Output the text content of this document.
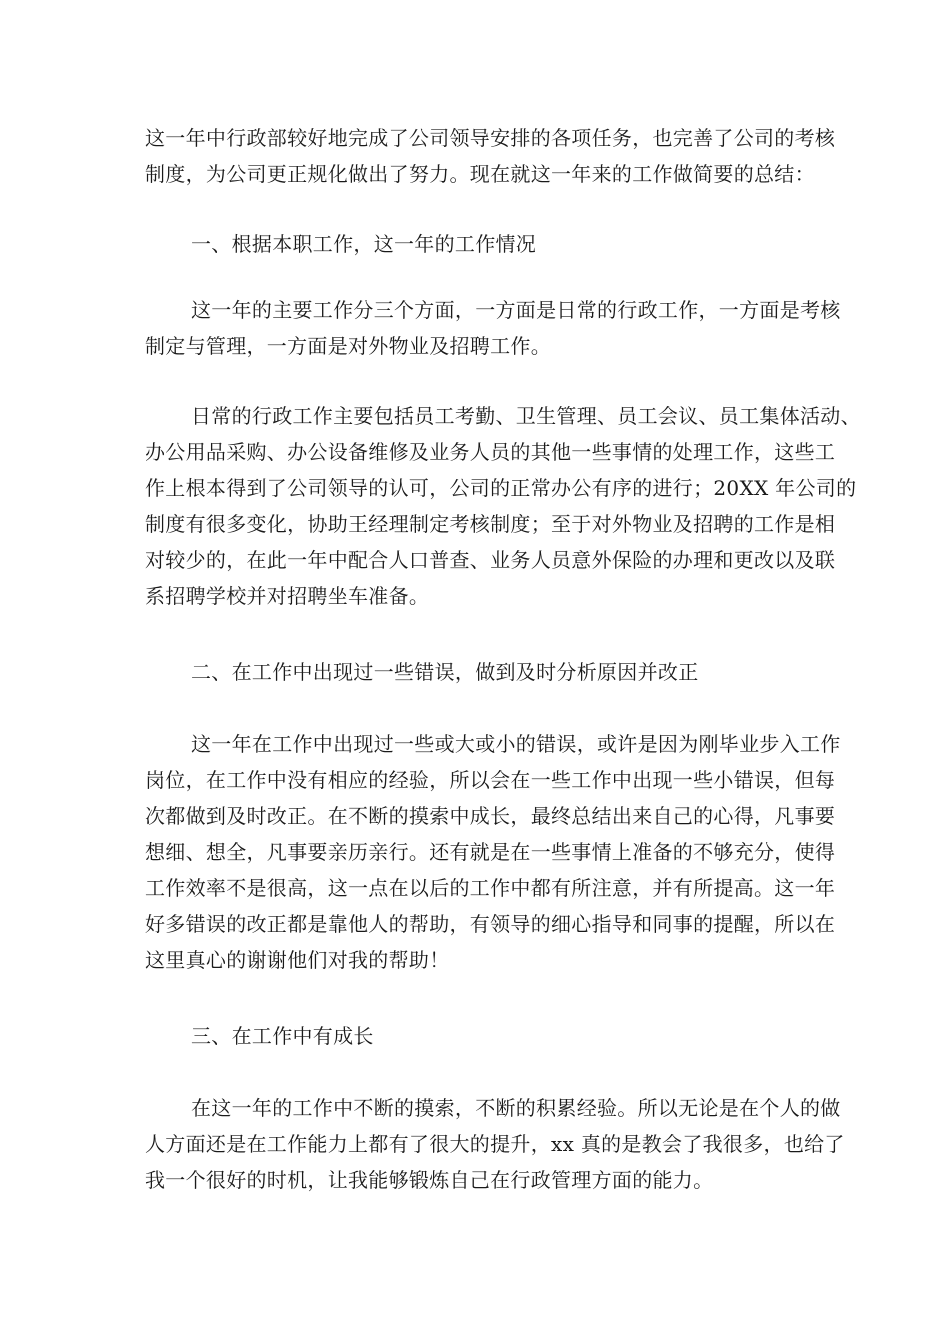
这一年中行政部较好地完成了公司领导安排的各项任务，也完善了公司的考核
制度，为公司更正规化做出了努力。现在就这一年来的工作做简要的总结：
一、根据本职工作，这一年的工作情况
这一年的主要工作分三个方面，一方面是日常的行政工作，一方面是考核
制定与管理，一方面是对外物业及招聘工作。
日常的行政工作主要包括员工考勤、卫生管理、员工会议、员工集体活动、
办公用品采购、办公设备维修及业务人员的其他一些事情的处理工作，这些工
作上根本得到了公司领导的认可，公司的正常办公有序的进行；20XX 年公司的
制度有很多变化，协助王经理制定考核制度；至于对外物业及招聘的工作是相
对较少的，在此一年中配合人口普查、业务人员意外保险的办理和更改以及联
系招聘学校并对招聘坐车准备。
二、在工作中出现过一些错误，做到及时分析原因并改正
这一年在工作中出现过一些或大或小的错误，或许是因为刚毕业步入工作
岗位，在工作中没有相应的经验，所以会在一些工作中出现一些小错误，但每
次都做到及时改正。在不断的摸索中成长，最终总结出来自己的心得，凡事要
想细、想全，凡事要亲历亲行。还有就是在一些事情上准备的不够充分，使得
工作效率不是很高，这一点在以后的工作中都有所注意，并有所提高。这一年
好多错误的改正都是靠他人的帮助，有领导的细心指导和同事的提醒，所以在
这里真心的谢谢他们对我的帮助！
三、在工作中有成长
在这一年的工作中不断的摸索，不断的积累经验。所以无论是在个人的做
人方面还是在工作能力上都有了很大的提升，xx 真的是教会了我很多，也给了
我一个很好的时机，让我能够锻炼自己在行政管理方面的能力。
